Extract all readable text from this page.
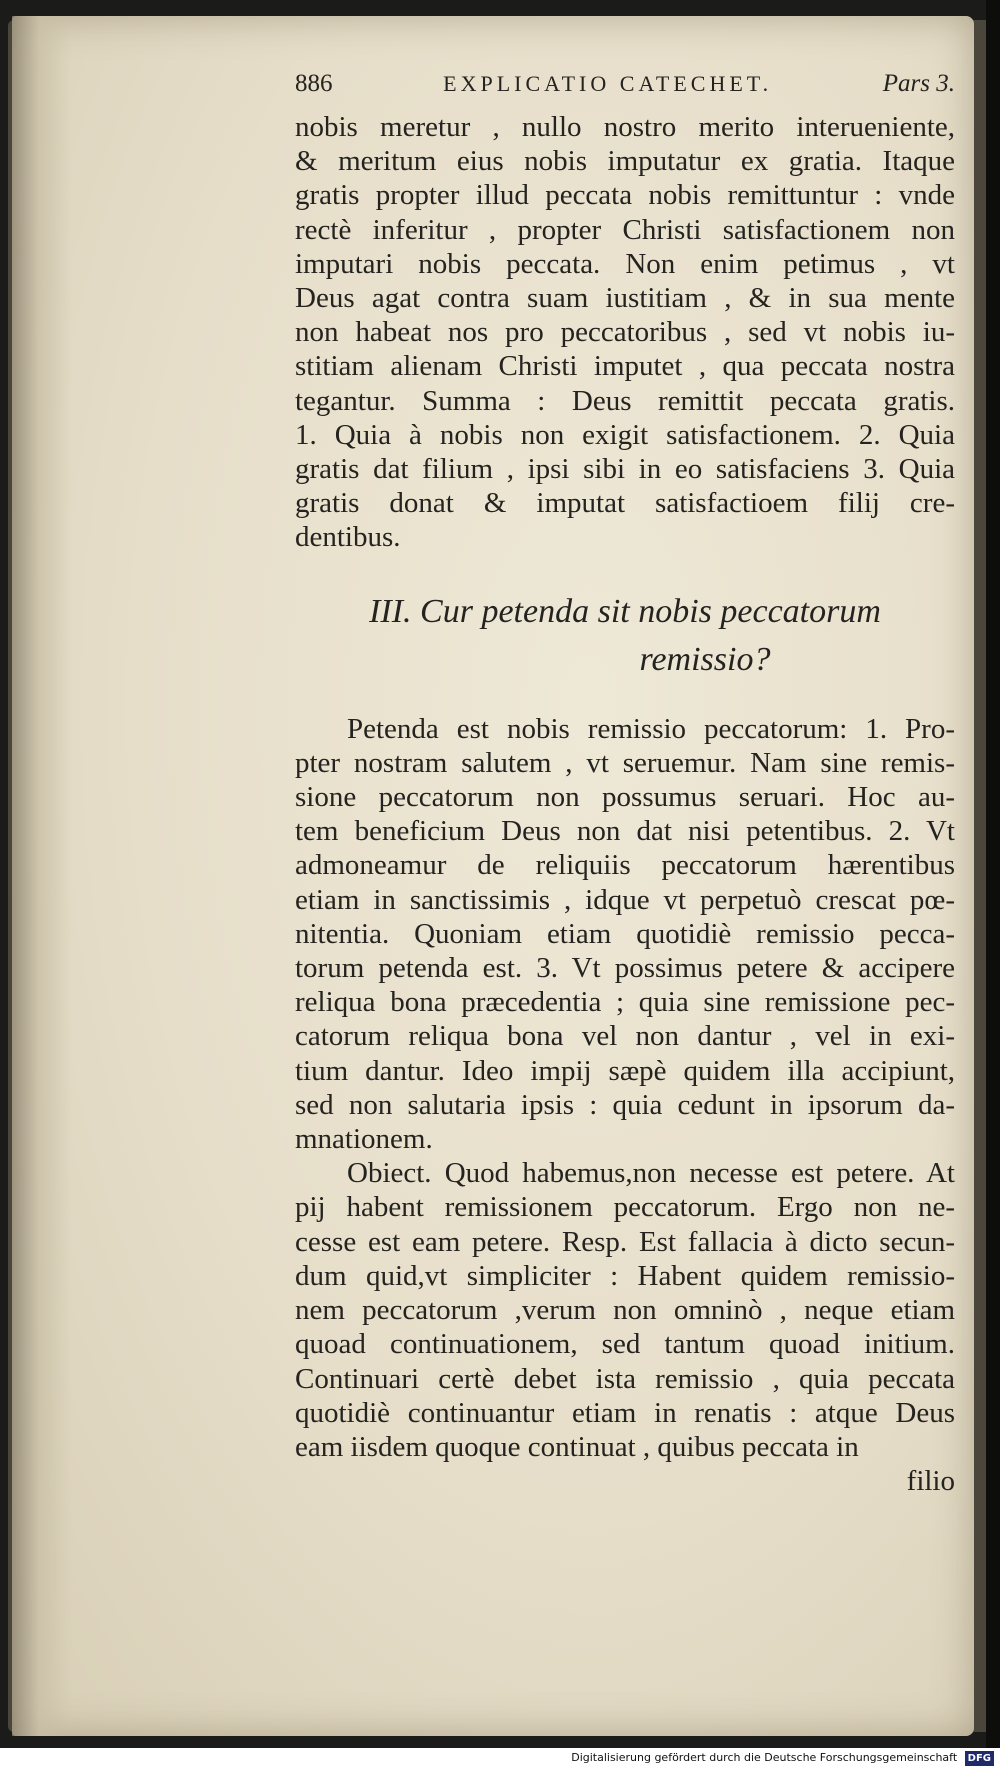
886	EXPLICATIO CATECHET.	Pars 3.

nobis meretur , nullo nostro merito interueniente,
& meritum eius nobis imputatur ex gratia. Itaque
gratis propter illud peccata nobis remittuntur : vnde
rectè inferitur , propter Christi satisfactionem non
imputari nobis peccata. Non enim petimus , vt
Deus agat contra suam iustitiam , & in sua mente
non habeat nos pro peccatoribus , sed vt nobis iu-
stitiam alienam Christi imputet , qua peccata nostra
tegantur. Summa : Deus remittit peccata gratis.
1. Quia à nobis non exigit satisfactionem. 2. Quia
gratis dat filium , ipsi sibi in eo satisfaciens 3. Quia
gratis donat & imputat satisfactioem filij cre-
dentibus.

III. Cur petenda sit nobis peccatorum
remissio?

Petenda est nobis remissio peccatorum: 1. Pro-
pter nostram salutem , vt seruemur. Nam sine remis-
sione peccatorum non possumus seruari. Hoc au-
tem beneficium Deus non dat nisi petentibus. 2. Vt
admoneamur de reliquiis peccatorum hærentibus
etiam in sanctissimis , idque vt perpetuò crescat pœ-
nitentia. Quoniam etiam quotidiè remissio pecca-
torum petenda est. 3. Vt possimus petere & accipere
reliqua bona præcedentia ; quia sine remissione pec-
catorum reliqua bona vel non dantur , vel in exi-
tium dantur. Ideo impij sæpè quidem illa accipiunt,
sed non salutaria ipsis : quia cedunt in ipsorum da-
mnationem.

Obiect. Quod habemus,non necesse est petere. At
pij habent remissionem peccatorum. Ergo non ne-
cesse est eam petere. Resp. Est fallacia à dicto secun-
dum quid,vt simpliciter : Habent quidem remissio-
nem peccatorum ,verum non omninò , neque etiam
quoad continuationem, sed tantum quoad initium.
Continuari certè debet ista remissio , quia peccata
quotidiè continuantur etiam in renatis : atque Deus
eam iisdem quoque continuat , quibus peccata in

filio

Digitalisierung gefördert durch die Deutsche Forschungsgemeinschaft DFG
